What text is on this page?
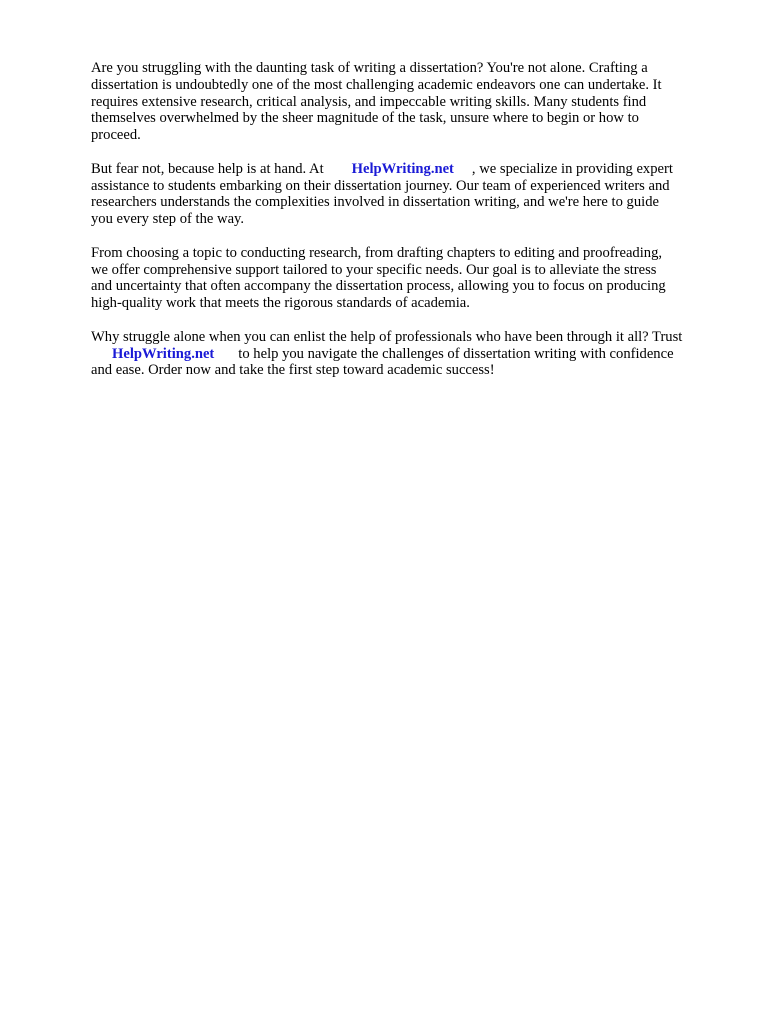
Are you struggling with the daunting task of writing a dissertation? You're not alone. Crafting a
dissertation is undoubtedly one of the most challenging academic endeavors one can undertake. It
requires extensive research, critical analysis, and impeccable writing skills. Many students find
themselves overwhelmed by the sheer magnitude of the task, unsure where to begin or how to
proceed.

But fear not, because help is at hand. At HelpWriting.net , we specialize in providing expert
assistance to students embarking on their dissertation journey. Our team of experienced writers and
researchers understands the complexities involved in dissertation writing, and we're here to guide
you every step of the way.

From choosing a topic to conducting research, from drafting chapters to editing and proofreading,
we offer comprehensive support tailored to your specific needs. Our goal is to alleviate the stress
and uncertainty that often accompany the dissertation process, allowing you to focus on producing
high-quality work that meets the rigorous standards of academia.

Why struggle alone when you can enlist the help of professionals who have been through it all? Trust
HelpWriting.net to help you navigate the challenges of dissertation writing with confidence
and ease. Order now and take the first step toward academic success!
